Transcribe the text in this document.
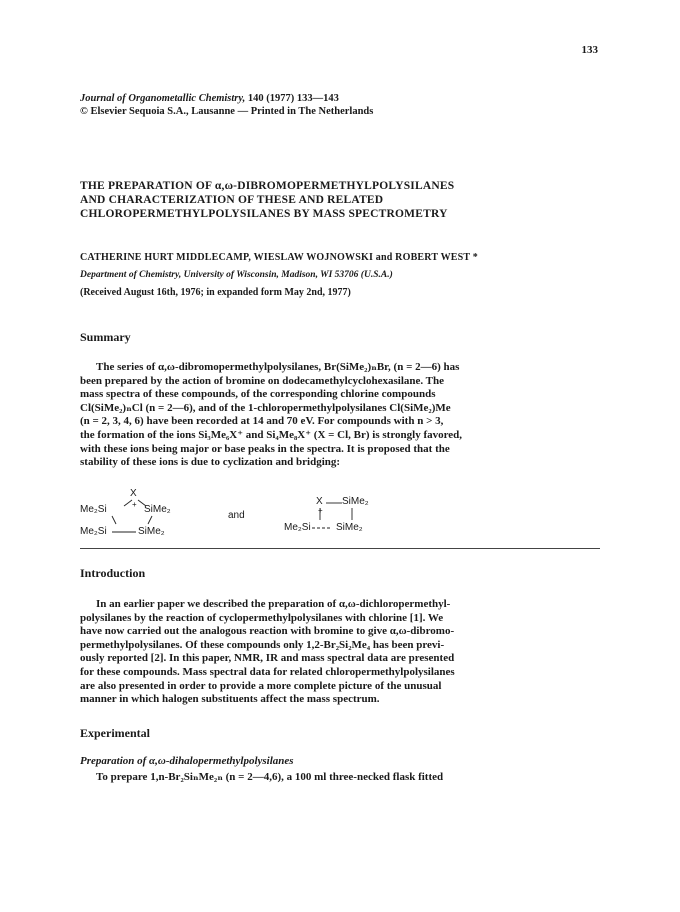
133
Journal of Organometallic Chemistry, 140 (1977) 133—143
© Elsevier Sequoia S.A., Lausanne — Printed in The Netherlands
THE PREPARATION OF α,ω-DIBROMOPERMETHYLPOLYSILANES
AND CHARACTERIZATION OF THESE AND RELATED
CHLOROPERMETHYLPOLYSILANES BY MASS SPECTROMETRY
CATHERINE HURT MIDDLECAMP, WIESLAW WOJNOWSKI and ROBERT WEST *
Department of Chemistry, University of Wisconsin, Madison, WI 53706 (U.S.A.)
(Received August 16th, 1976; in expanded form May 2nd, 1977)
Summary
The series of α,ω-dibromopermethylpolysilanes, Br(SiMe₂)ₙBr, (n = 2—6) has
been prepared by the action of bromine on dodecamethylcyclohexasilane. The
mass spectra of these compounds, of the corresponding chlorine compounds
Cl(SiMe₂)ₙCl (n = 2—6), and of the 1-chloropermethylpolysilanes Cl(SiMe₂)Me
(n = 2, 3, 4, 6) have been recorded at 14 and 70 eV. For compounds with n > 3,
the formation of the ions Si₃Me₆X⁺ and Si₄Me₈X⁺ (X = Cl, Br) is strongly favored,
with these ions being major or base peaks in the spectra. It is proposed that the
stability of these ions is due to cyclization and bridging:
X
+
Me₂Si	SiMe₂
Me₂Si	SiMe₂
and
X
+
SiMe₂
Me₂Si	SiMe₂
Introduction
In an earlier paper we described the preparation of α,ω-dichloropermethyl-
polysilanes by the reaction of cyclopermethylpolysilanes with chlorine [1]. We
have now carried out the analogous reaction with bromine to give α,ω-dibromo-
permethylpolysilanes. Of these compounds only 1,2-Br₂Si₂Me₄ has been previ-
ously reported [2]. In this paper, NMR, IR and mass spectral data are presented
for these compounds. Mass spectral data for related chloropermethylpolysilanes
are also presented in order to provide a more complete picture of the unusual
manner in which halogen substituents affect the mass spectrum.
Experimental
Preparation of α,ω-dihalopermethylpolysilanes
To prepare 1,n-Br₂SiₙMe₂ₙ (n = 2—4,6), a 100 ml three-necked flask fitted
